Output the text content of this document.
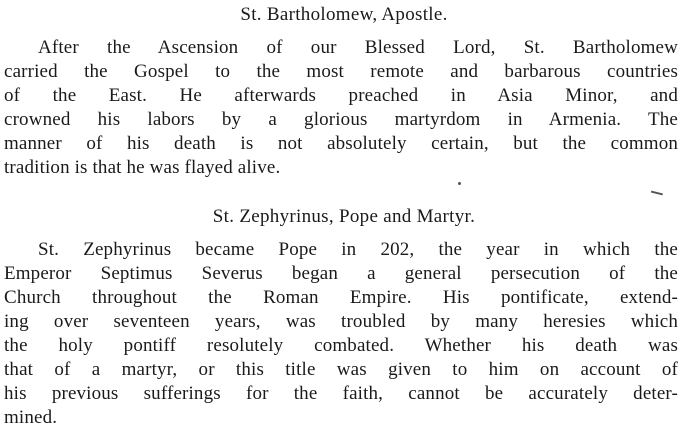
St. Bartholomew, Apostle.
After the Ascension of our Blessed Lord, St. Bartholomew
carried the Gospel to the most remote and barbarous countries
of the East. He afterwards preached in Asia Minor, and
crowned his labors by a glorious martyrdom in Armenia. The
manner of his death is not absolutely certain, but the common
tradition is that he was flayed alive.
St. Zephyrinus, Pope and Martyr.
St. Zephyrinus became Pope in 202, the year in which the
Emperor Septimus Severus began a general persecution of the
Church throughout the Roman Empire. His pontificate, extend-
ing over seventeen years, was troubled by many heresies which
the holy pontiff resolutely combated. Whether his death was
that of a martyr, or this title was given to him on account of
his previous sufferings for the faith, cannot be accurately deter-
mined.
